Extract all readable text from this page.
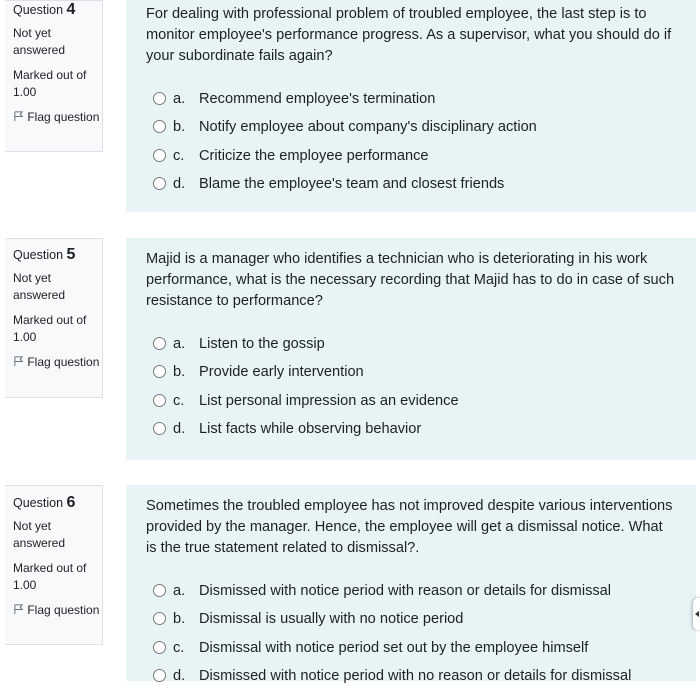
Question 4
Not yet answered
Marked out of 1.00
Flag question

For dealing with professional problem of troubled employee, the last step is to monitor employee's performance progress. As a supervisor, what you should do if your subordinate fails again?

a. Recommend employee's termination
b. Notify employee about company's disciplinary action
c. Criticize the employee performance
d. Blame the employee's team and closest friends
Question 5
Not yet answered
Marked out of 1.00
Flag question

Majid is a manager who identifies a technician who is deteriorating in his work performance, what is the necessary recording that Majid has to do in case of such resistance to performance?

a. Listen to the gossip
b. Provide early intervention
c. List personal impression as an evidence
d. List facts while observing behavior
Question 6
Not yet answered
Marked out of 1.00
Flag question

Sometimes the troubled employee has not improved despite various interventions provided by the manager. Hence, the employee will get a dismissal notice. What is the true statement related to dismissal?.

a. Dismissed with notice period with reason or details for dismissal
b. Dismissal is usually with no notice period
c. Dismissal with notice period set out by the employee himself
d. Dismissed with notice period with no reason or details for dismissal
